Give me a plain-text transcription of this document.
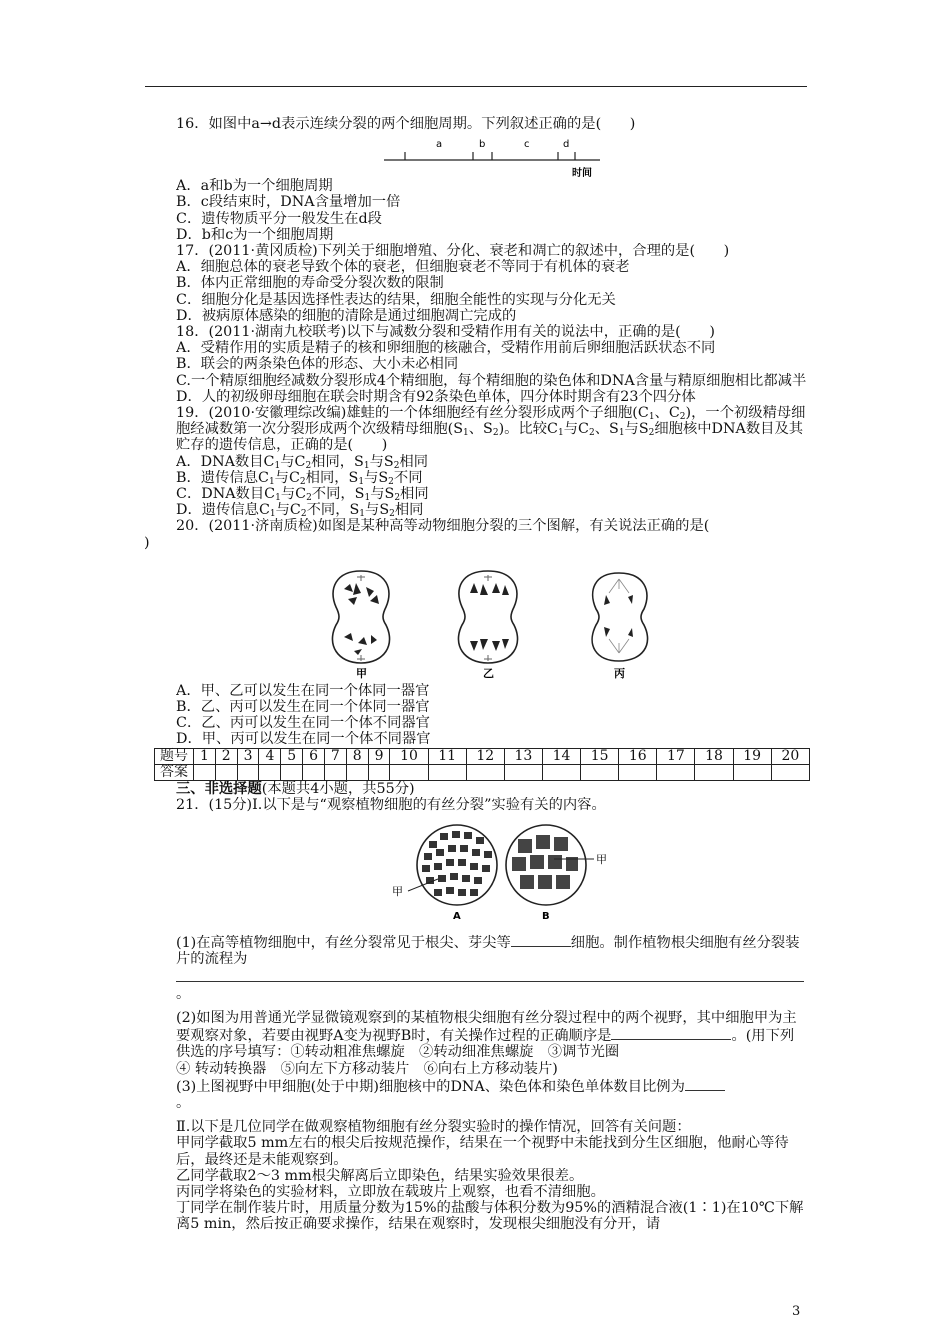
16．如图中a→d表示连续分裂的两个细胞周期。下列叙述正确的是(　　)
a	b	c	d
时间
A．a和b为一个细胞周期
B．c段结束时，DNA含量增加一倍
C．遗传物质平分一般发生在d段
D．b和c为一个细胞周期
17．(2011·黄冈质检)下列关于细胞增殖、分化、衰老和凋亡的叙述中，合理的是(　　)
A．细胞总体的衰老导致个体的衰老，但细胞衰老不等同于有机体的衰老
B．体内正常细胞的寿命受分裂次数的限制
C．细胞分化是基因选择性表达的结果，细胞全能性的实现与分化无关
D．被病原体感染的细胞的清除是通过细胞凋亡完成的
18．(2011·湖南九校联考)以下与减数分裂和受精作用有关的说法中，正确的是(　　)
A．受精作用的实质是精子的核和卵细胞的核融合，受精作用前后卵细胞活跃状态不同
B．联会的两条染色体的形态、大小未必相同
C.一个精原细胞经减数分裂形成4个精细胞，每个精细胞的染色体和DNA含量与精原细胞相比都减半
D．人的初级卵母细胞在联会时期含有92条染色单体，四分体时期含有23个四分体
19．(2010·安徽理综改编)雄蛙的一个体细胞经有丝分裂形成两个子细胞($C_1$、$C_2$)，一个初级精母细胞经减数第一次分裂形成两个次级精母细胞($S_1$、$S_2$)。比较$C_1$与$C_2$、$S_1$与$S_2$细胞核中DNA数目及其贮存的遗传信息，正确的是(　　)
A．DNA数目$C_1$与$C_2$相同，$S_1$与$S_2$相同
B．遗传信息$C_1$与$C_2$相同，$S_1$与$S_2$不同
C．DNA数目$C_1$与$C_2$不同，$S_1$与$S_2$相同
D．遗传信息$C_1$与$C_2$不同，$S_1$与$S_2$相同
20．(2011·济南质检)如图是某种高等动物细胞分裂的三个图解，有关说法正确的是(
)
甲	乙	丙
A．甲、乙可以发生在同一个体同一器官
B．乙、丙可以发生在同一个体同一器官
C．乙、丙可以发生在同一个体不同器官
D．甲、丙可以发生在同一个体不同器官
题号	1	2	3	4	5	6	7	8	9	10	11	12	13	14	15	16	17	18	19	20
答案																				
三、非选择题(本题共4小题，共55分)
21．(15分)Ⅰ.以下是与“观察植物细胞的有丝分裂”实验有关的内容。
甲
A
甲
B
(1)在高等植物细胞中，有丝分裂常见于根尖、芽尖等	细胞。制作植物根尖细胞有丝分裂装片的流程为

。
(2)如图为用普通光学显微镜观察到的某植物根尖细胞有丝分裂过程中的两个视野，其中细胞甲为主要观察对象，若要由视野A变为视野B时，有关操作过程的正确顺序是	。(用下列供选的序号填写：①转动粗准焦螺旋　②转动细准焦螺旋　③调节光圈
④ 转动转换器　⑤向左下方移动装片　⑥向右上方移动装片)
(3)上图视野中甲细胞(处于中期)细胞核中的DNA、染色体和染色单体数目比例为
。
Ⅱ.以下是几位同学在做观察植物细胞有丝分裂实验时的操作情况，回答有关问题：
甲同学截取5 mm左右的根尖后按规范操作，结果在一个视野中未能找到分生区细胞，他耐心等待后，最终还是未能观察到。
乙同学截取2～3 mm根尖解离后立即染色，结果实验效果很差。
丙同学将染色的实验材料，立即放在载玻片上观察，也看不清细胞。
丁同学在制作装片时，用质量分数为15%的盐酸与体积分数为95%的酒精混合液(1∶1)在10℃下解离5 min，然后按正确要求操作，结果在观察时，发现根尖细胞没有分开，请
3
